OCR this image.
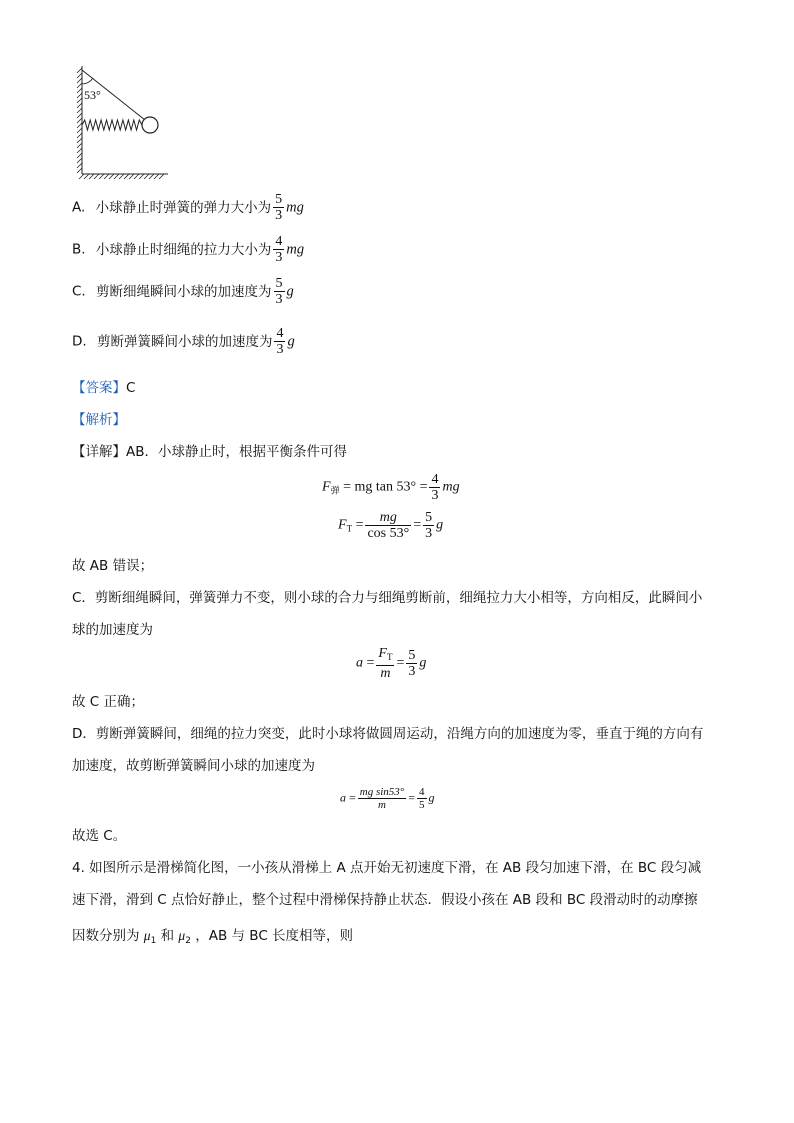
53°
A. 小球静止时弹簧的弹力大小为 $\frac{5}{3}$ mg
B. 小球静止时细绳的拉力大小为 $\frac{4}{3}$ mg
C. 剪断细绳瞬间小球的加速度为 $\frac{5}{3}$ g
D. 剪断弹簧瞬间小球的加速度为 $\frac{4}{3}$ g
【答案】C
【解析】
【详解】AB．小球静止时，根据平衡条件可得
$F_弹$ = mg $\tan 53^\circ = \frac{4}{3}$ mg
$F_T = \frac{mg}{\cos 53^\circ} = \frac{5}{3}$ g
故 AB 错误；
C．剪断细绳瞬间，弹簧弹力不变，则小球的合力与细绳剪断前，细绳拉力大小相等，方向相反，此瞬间小
球的加速度为
$a = \frac{F_T}{m} = \frac{5}{3}$ g
故 C 正确；
D．剪断弹簧瞬间，细绳的拉力突变，此时小球将做圆周运动，沿绳方向的加速度为零，垂直于绳的方向有
加速度，故剪断弹簧瞬间小球的加速度为
$a = \frac{\text{mg sin53°}}{m} = \frac{4}{5}$ g
故选 C。
4. 如图所示是滑梯简化图，一小孩从滑梯上 A 点开始无初速度下滑，在 AB 段匀加速下滑，在 BC 段匀减
速下滑，滑到 C 点恰好静止，整个过程中滑梯保持静止状态．假设小孩在 AB 段和 BC 段滑动时的动摩擦
因数分别为 $\mu_1$ 和 $\mu_2$ ，AB 与 BC 长度相等，则
